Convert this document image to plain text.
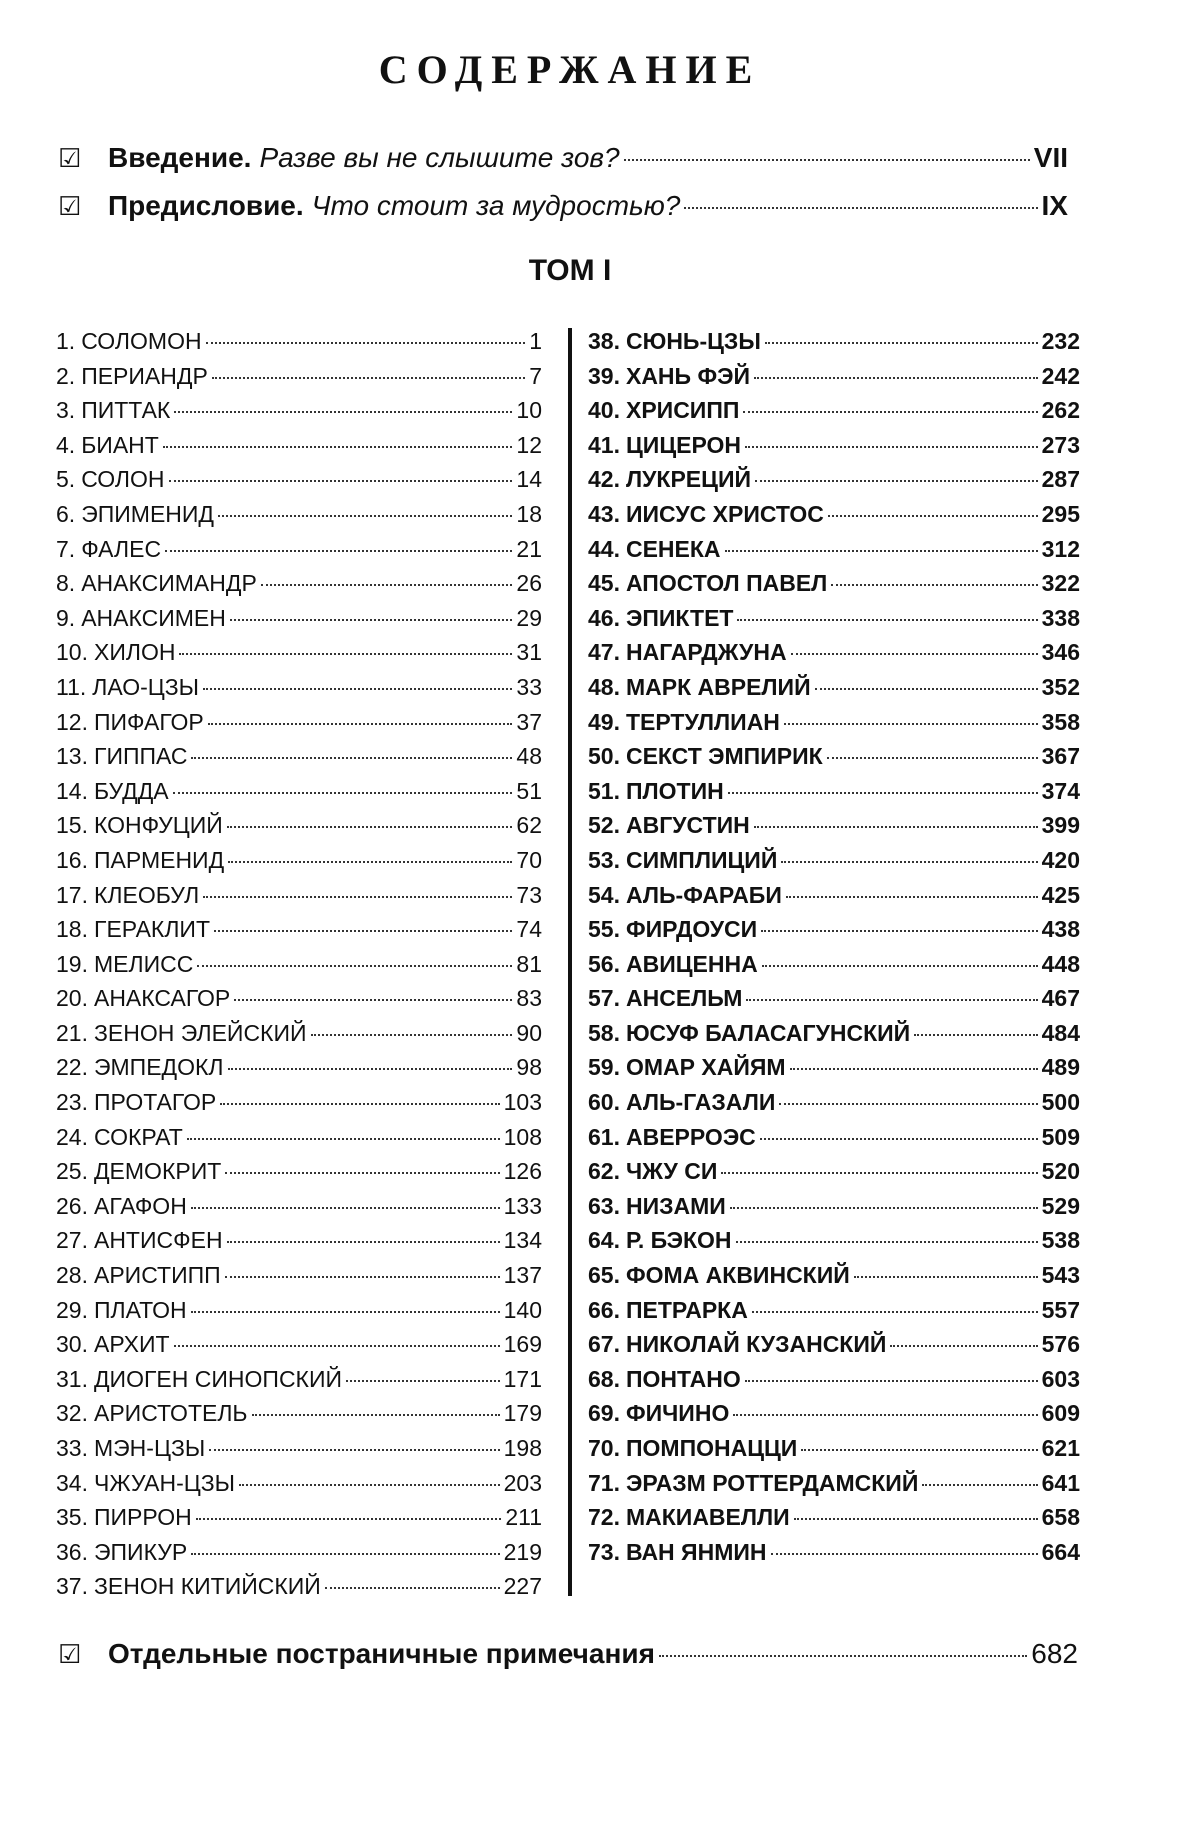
СОДЕРЖАНИЕ
☑ Введение. Разве вы не слышите зов?	VII
☑ Предисловие. Что стоит за мудростью?	IX
ТОМ I
1. СОЛОМОН	1
2. ПЕРИАНДР	7
3. ПИТТАК	10
4. БИАНТ	12
5. СОЛОН	14
6. ЭПИМЕНИД	18
7. ФАЛЕС	21
8. АНАКСИМАНДР	26
9. АНАКСИМЕН	29
10. ХИЛОН	31
11. ЛАО-ЦЗЫ	33
12. ПИФАГОР	37
13. ГИППАС	48
14. БУДДА	51
15. КОНФУЦИЙ	62
16. ПАРМЕНИД	70
17. КЛЕОБУЛ	73
18. ГЕРАКЛИТ	74
19. МЕЛИСС	81
20. АНАКСАГОР	83
21. ЗЕНОН ЭЛЕЙСКИЙ	90
22. ЭМПЕДОКЛ	98
23. ПРОТАГОР	103
24. СОКРАТ	108
25. ДЕМОКРИТ	126
26. АГАФОН	133
27. АНТИСФЕН	134
28. АРИСТИПП	137
29. ПЛАТОН	140
30. АРХИТ	169
31. ДИОГЕН СИНОПСКИЙ	171
32. АРИСТОТЕЛЬ	179
33. МЭН-ЦЗЫ	198
34. ЧЖУАН-ЦЗЫ	203
35. ПИРРОН	211
36. ЭПИКУР	219
37. ЗЕНОН КИТИЙСКИЙ	227
38. СЮНЬ-ЦЗЫ	232
39. ХАНЬ ФЭЙ	242
40. ХРИСИПП	262
41. ЦИЦЕРОН	273
42. ЛУКРЕЦИЙ	287
43. ИИСУС ХРИСТОС	295
44. СЕНЕКА	312
45. АПОСТОЛ ПАВЕЛ	322
46. ЭПИКТЕТ	338
47. НАГАРДЖУНА	346
48. МАРК АВРЕЛИЙ	352
49. ТЕРТУЛЛИАН	358
50. СЕКСТ ЭМПИРИК	367
51. ПЛОТИН	374
52. АВГУСТИН	399
53. СИМПЛИЦИЙ	420
54. АЛЬ-ФАРАБИ	425
55. ФИРДОУСИ	438
56. АВИЦЕННА	448
57. АНСЕЛЬМ	467
58. ЮСУФ БАЛАСАГУНСКИЙ	484
59. ОМАР ХАЙЯМ	489
60. АЛЬ-ГАЗАЛИ	500
61. АВЕРРОЭС	509
62. ЧЖУ СИ	520
63. НИЗАМИ	529
64. Р. БЭКОН	538
65. ФОМА АКВИНСКИЙ	543
66. ПЕТРАРКА	557
67. НИКОЛАЙ КУЗАНСКИЙ	576
68. ПОНТАНО	603
69. ФИЧИНО	609
70. ПОМПОНАЦЦИ	621
71. ЭРАЗМ РОТТЕРДАМСКИЙ	641
72. МАКИАВЕЛЛИ	658
73. ВАН ЯНМИН	664
☑ Отдельные постраничные примечания	682
